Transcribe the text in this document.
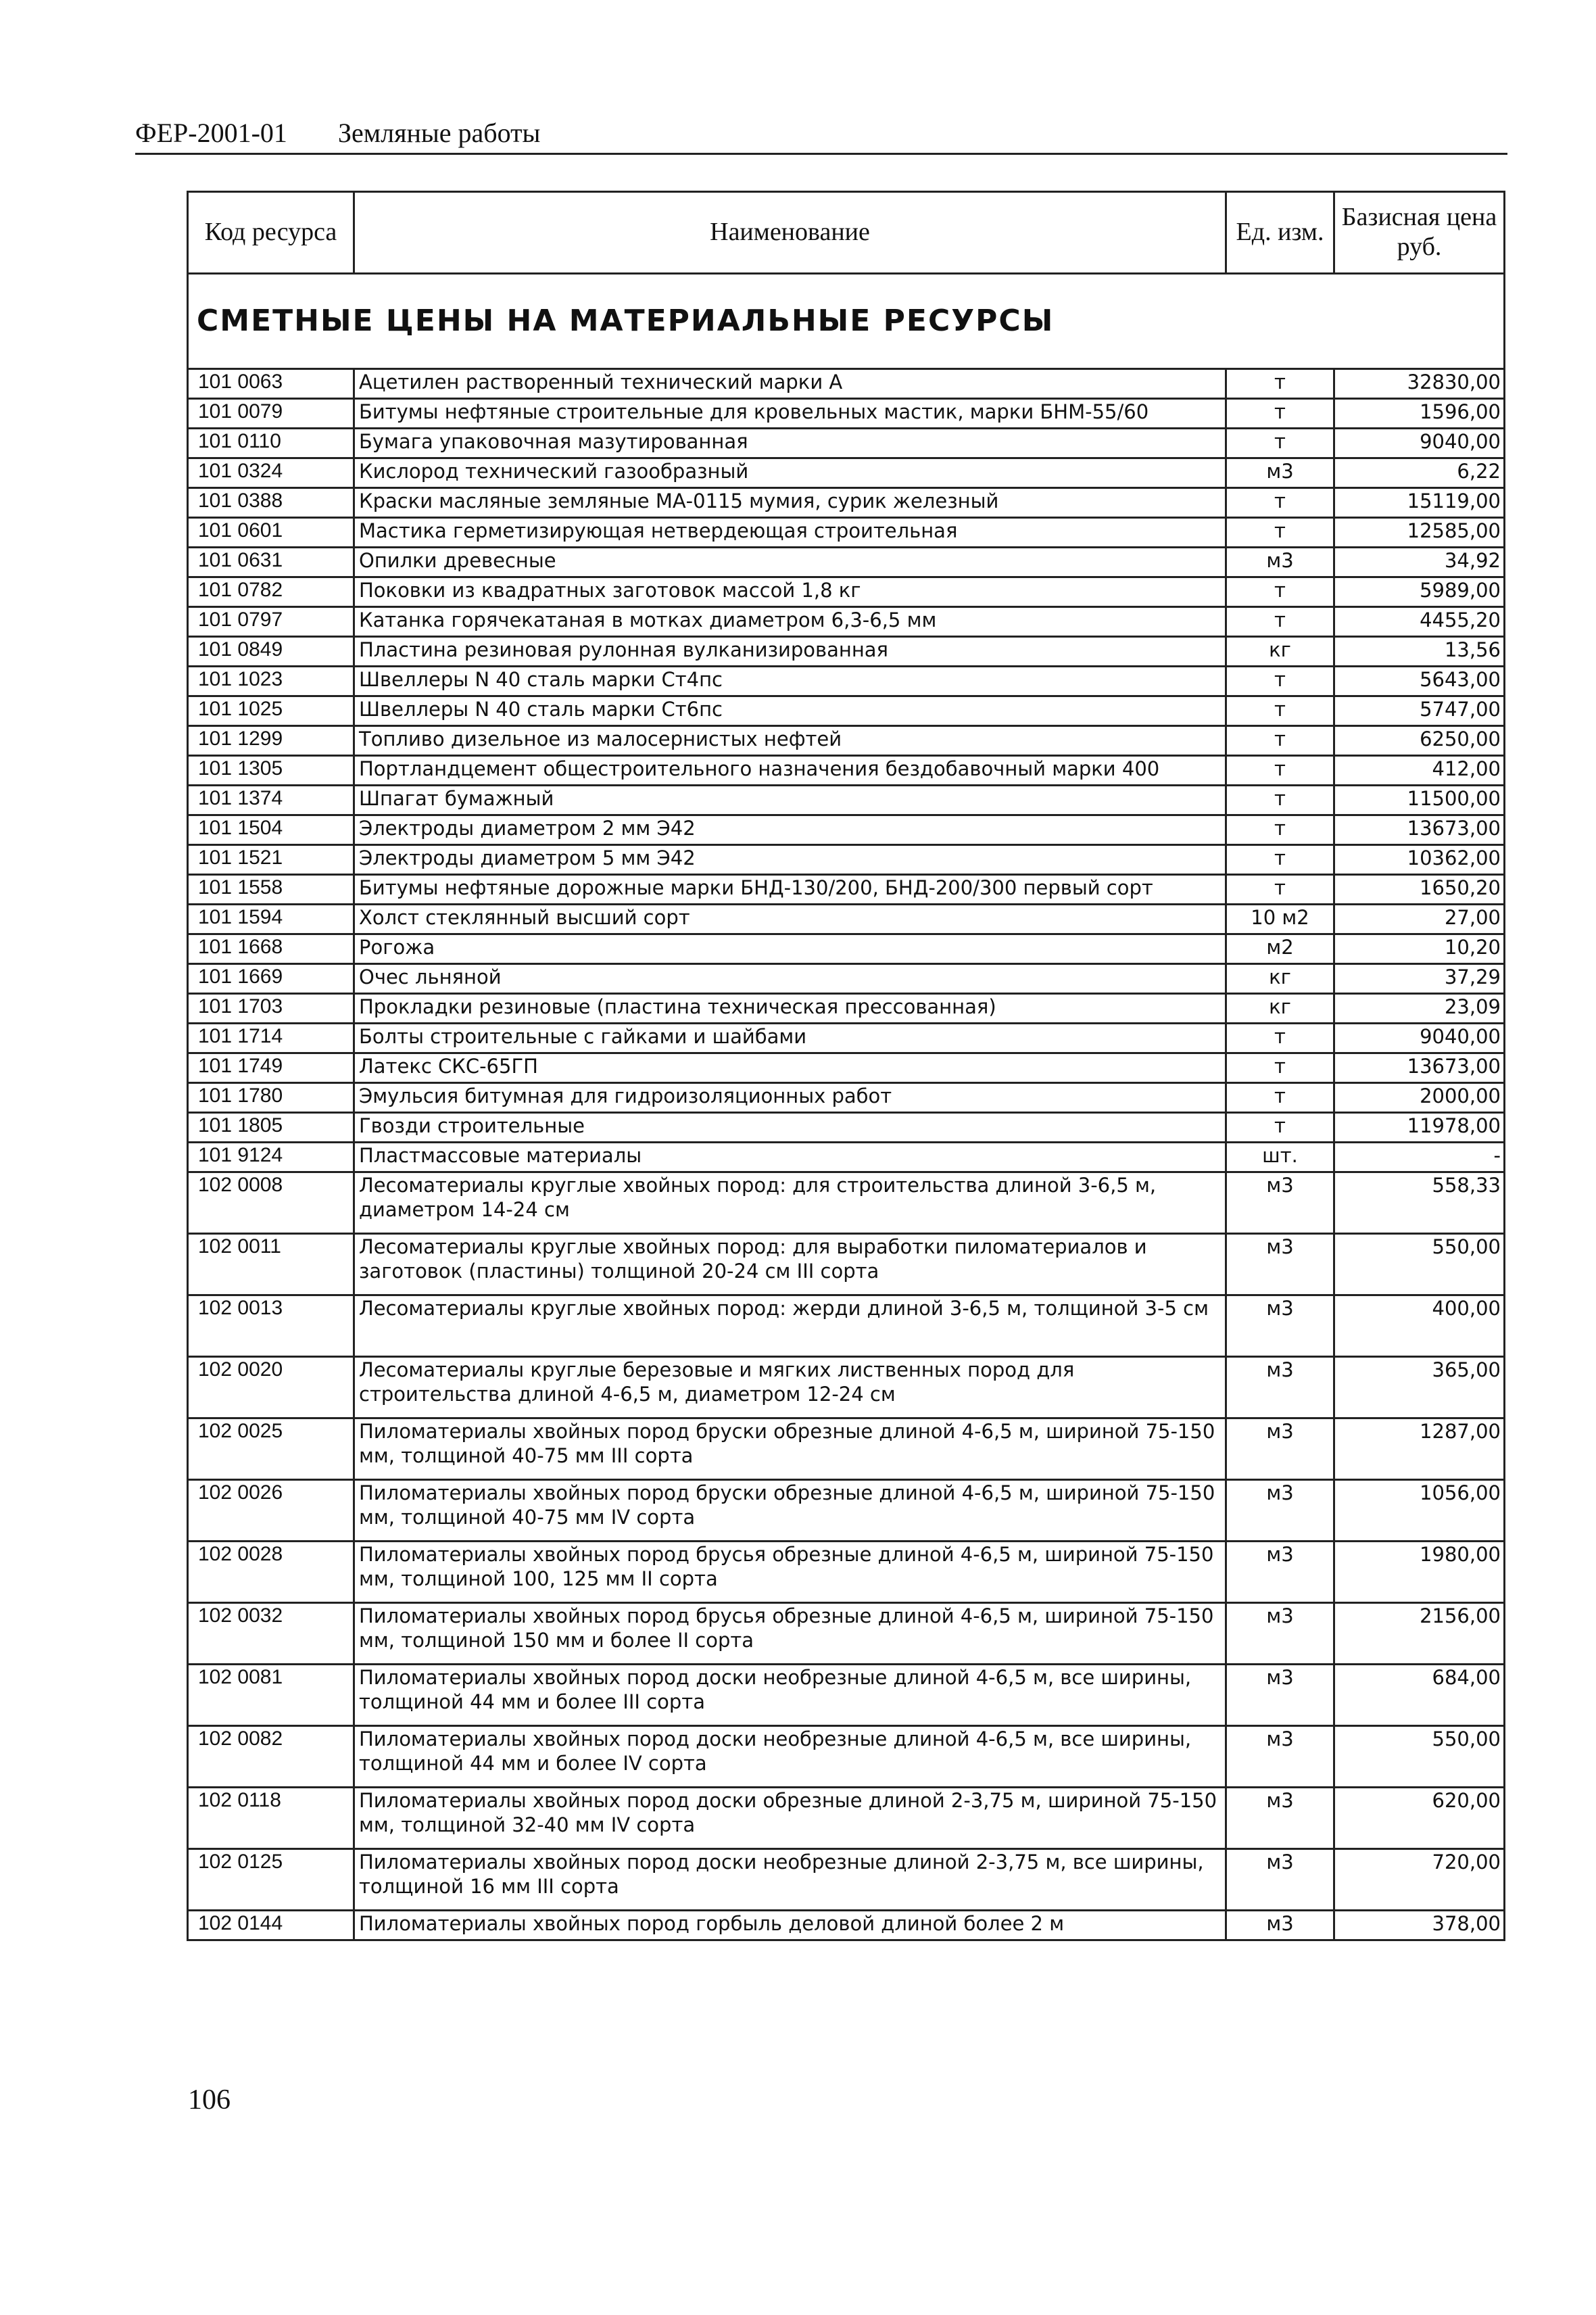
ФЕР-2001-01 Земляные работы
Код ресурса	Наименование	Ед. изм.	Базисная цена руб.
СМЕТНЫЕ ЦЕНЫ НА МАТЕРИАЛЬНЫЕ РЕСУРСЫ			
101 0063	Ацетилен растворенный технический марки А	т	32830,00
101 0079	Битумы нефтяные строительные для кровельных мастик, марки БНМ-55/60	т	1596,00
101 0110	Бумага упаковочная мазутированная	т	9040,00
101 0324	Кислород технический газообразный	м3	6,22
101 0388	Краски масляные земляные МА-0115 мумия, сурик железный	т	15119,00
101 0601	Мастика герметизирующая нетвердеющая строительная	т	12585,00
101 0631	Опилки древесные	м3	34,92
101 0782	Поковки из квадратных заготовок массой 1,8 кг	т	5989,00
101 0797	Катанка горячекатаная в мотках диаметром 6,3-6,5 мм	т	4455,20
101 0849	Пластина резиновая рулонная вулканизированная	кг	13,56
101 1023	Швеллеры N 40 сталь марки Ст4пс	т	5643,00
101 1025	Швеллеры N 40 сталь марки Ст6пс	т	5747,00
101 1299	Топливо дизельное из малосернистых нефтей	т	6250,00
101 1305	Портландцемент общестроительного назначения бездобавочный марки 400	т	412,00
101 1374	Шпагат бумажный	т	11500,00
101 1504	Электроды диаметром 2 мм Э42	т	13673,00
101 1521	Электроды диаметром 5 мм Э42	т	10362,00
101 1558	Битумы нефтяные дорожные марки БНД-130/200, БНД-200/300 первый сорт	т	1650,20
101 1594	Холст стеклянный высший сорт	10 м2	27,00
101 1668	Рогожа	м2	10,20
101 1669	Очес льняной	кг	37,29
101 1703	Прокладки резиновые (пластина техническая прессованная)	кг	23,09
101 1714	Болты строительные с гайками и шайбами	т	9040,00
101 1749	Латекс СКС-65ГП	т	13673,00
101 1780	Эмульсия битумная для гидроизоляционных работ	т	2000,00
101 1805	Гвозди строительные	т	11978,00
101 9124	Пластмассовые материалы	шт.	-
102 0008	Лесоматериалы круглые хвойных пород: для строительства длиной 3-6,5 м, диаметром 14-24 см	м3	558,33
102 0011	Лесоматериалы круглые хвойных пород: для выработки пиломатериалов и заготовок (пластины) толщиной 20-24 см III сорта	м3	550,00
102 0013	Лесоматериалы круглые хвойных пород: жерди длиной 3-6,5 м, толщиной 3-5 см	м3	400,00
102 0020	Лесоматериалы круглые березовые и мягких лиственных пород для строительства длиной 4-6,5 м, диаметром 12-24 см	м3	365,00
102 0025	Пиломатериалы хвойных пород бруски обрезные длиной 4-6,5 м, шириной 75-150 мм, толщиной 40-75 мм III сорта	м3	1287,00
102 0026	Пиломатериалы хвойных пород бруски обрезные длиной 4-6,5 м, шириной 75-150 мм, толщиной 40-75 мм IV сорта	м3	1056,00
102 0028	Пиломатериалы хвойных пород брусья обрезные длиной 4-6,5 м, шириной 75-150 мм, толщиной 100, 125 мм II сорта	м3	1980,00
102 0032	Пиломатериалы хвойных пород брусья обрезные длиной 4-6,5 м, шириной 75-150 мм, толщиной 150 мм и более II сорта	м3	2156,00
102 0081	Пиломатериалы хвойных пород доски необрезные длиной 4-6,5 м, все ширины, толщиной 44 мм и более III сорта	м3	684,00
102 0082	Пиломатериалы хвойных пород доски необрезные длиной 4-6,5 м, все ширины, толщиной 44 мм и более IV сорта	м3	550,00
102 0118	Пиломатериалы хвойных пород доски обрезные длиной 2-3,75 м, шириной 75-150 мм, толщиной 32-40 мм IV сорта	м3	620,00
102 0125	Пиломатериалы хвойных пород доски необрезные длиной 2-3,75 м, все ширины, толщиной 16 мм III сорта	м3	720,00
102 0144	Пиломатериалы хвойных пород горбыль деловой длиной более 2 м	м3	378,00
106
